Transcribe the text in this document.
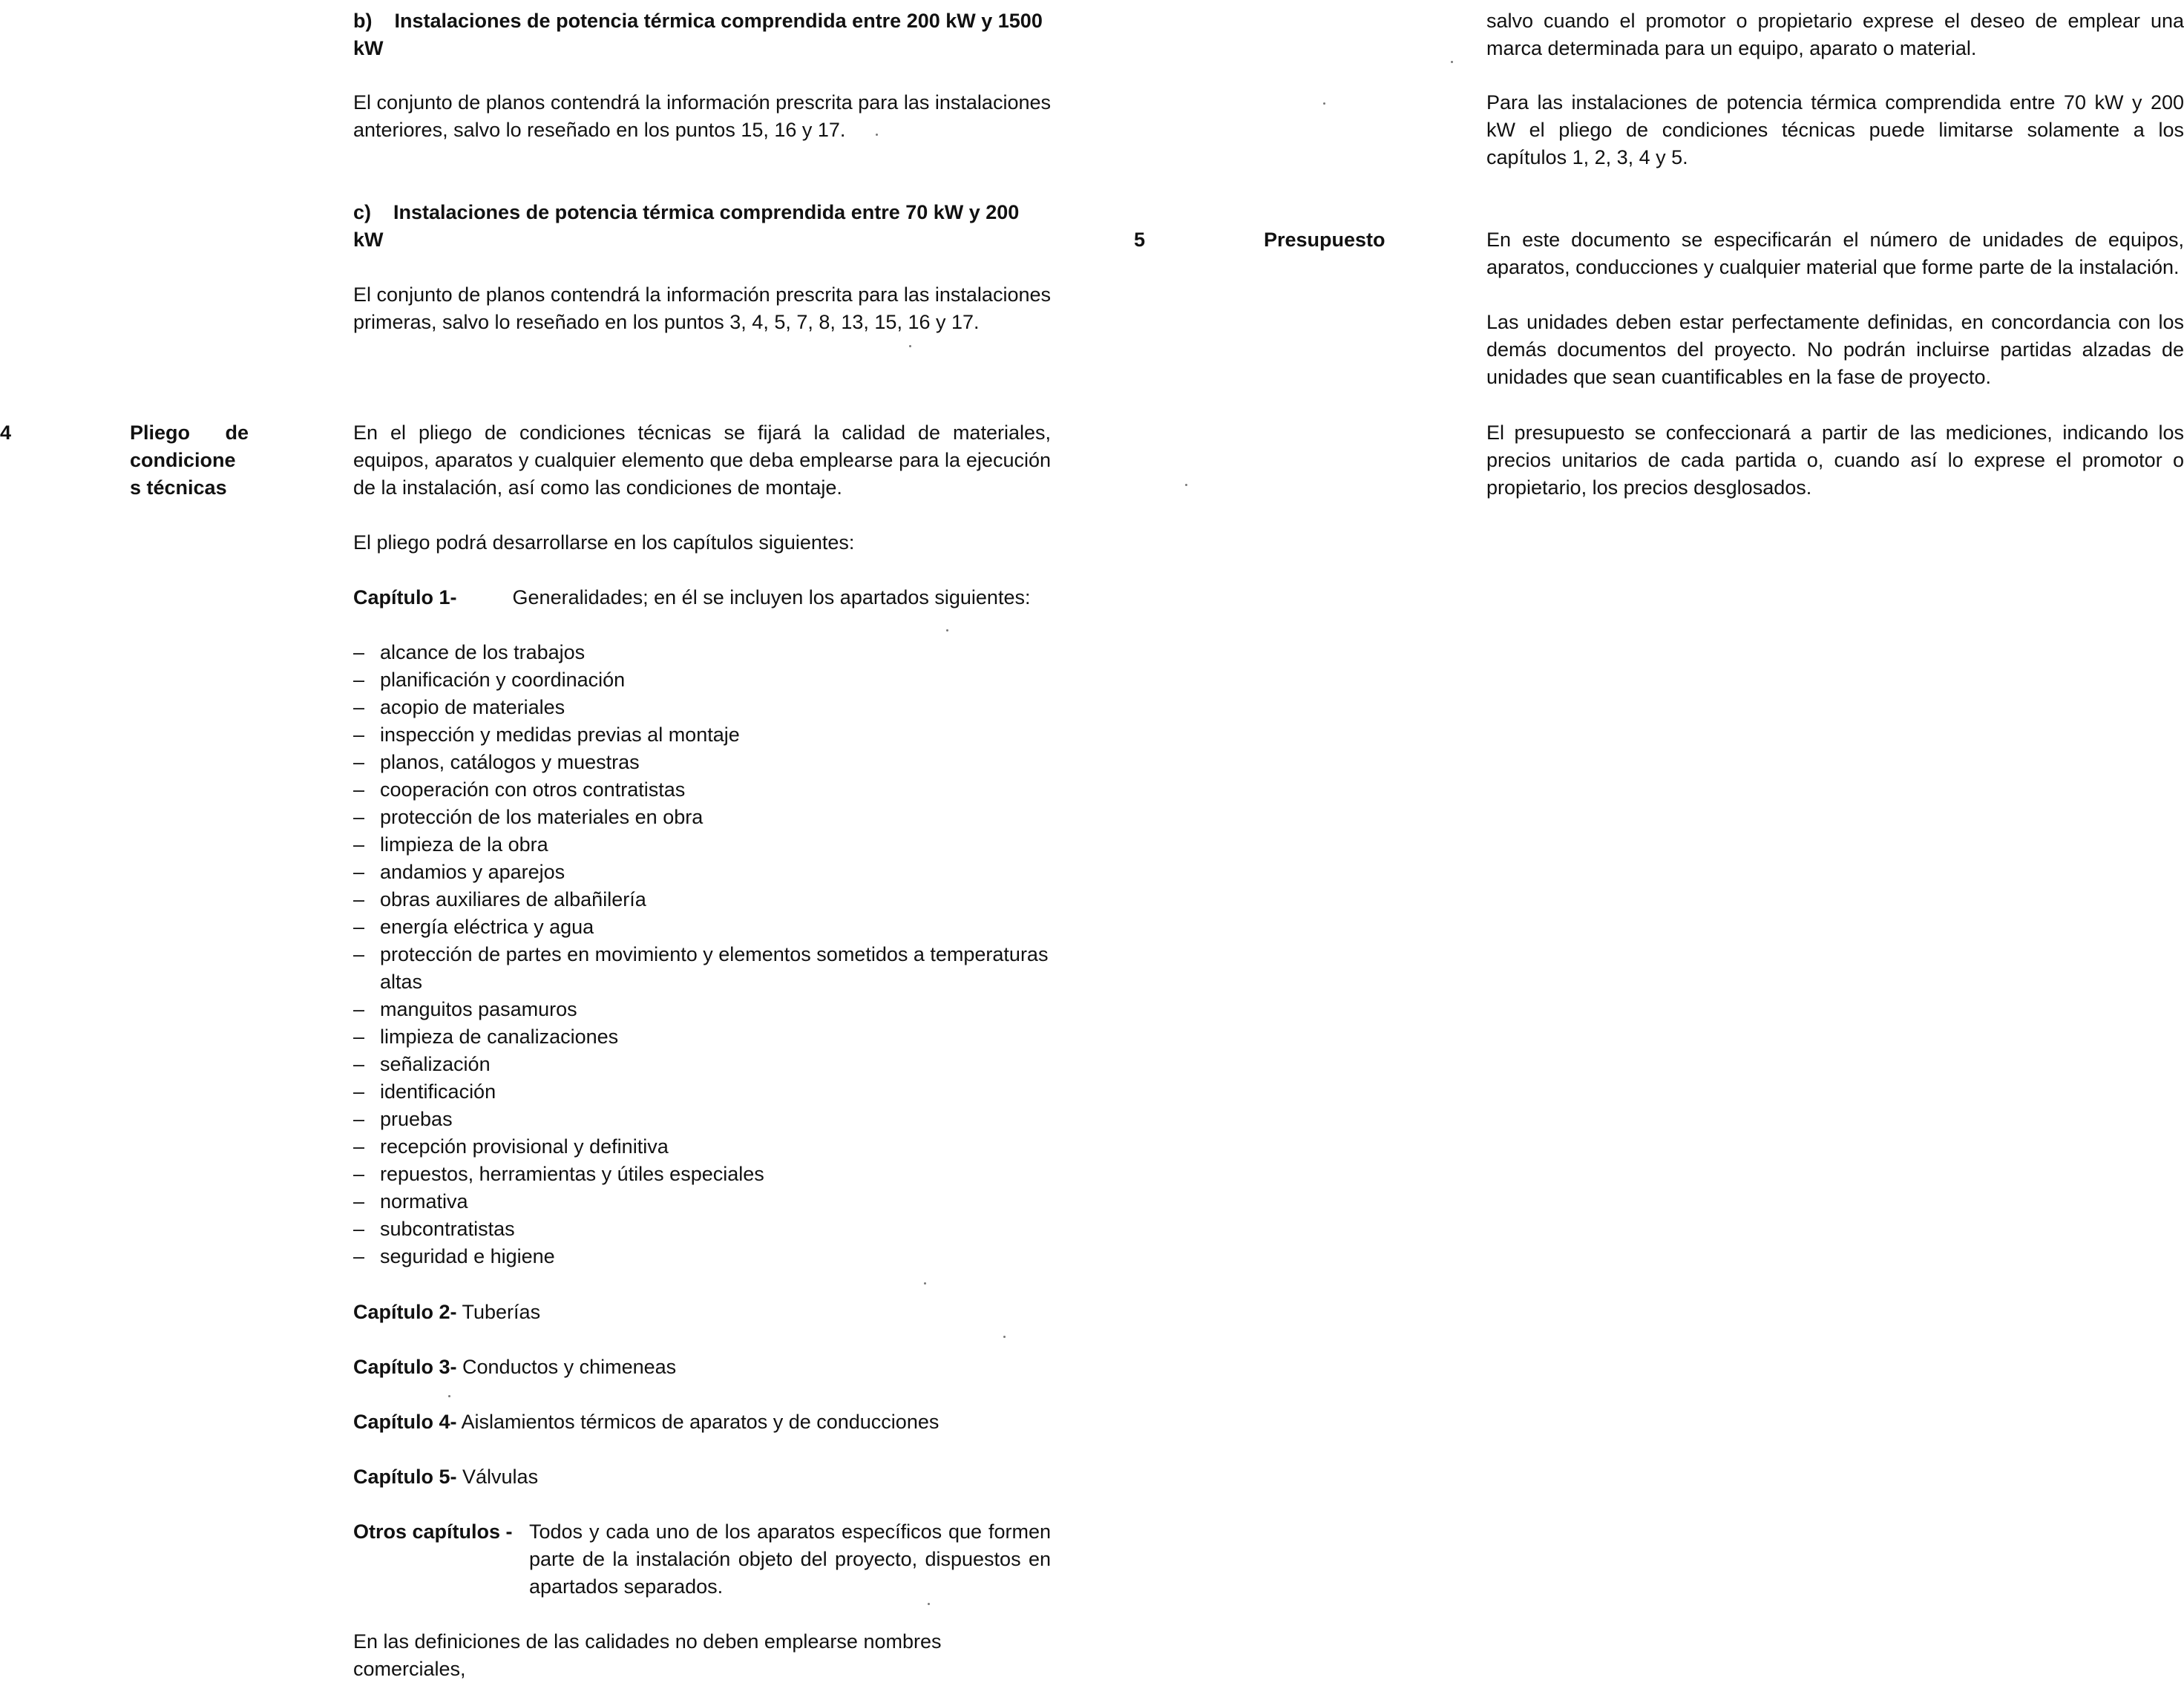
b)    Instalaciones de potencia térmica comprendida entre 200 kW y 1500 kW

El conjunto de planos contendrá la información prescrita para las instalaciones anteriores, salvo lo reseñado en los puntos 15, 16 y 17.

c)    Instalaciones de potencia térmica comprendida entre 70 kW y 200 kW

El conjunto de planos contendrá la información prescrita para las instalaciones primeras, salvo lo reseñado en los puntos 3, 4, 5, 7, 8, 13, 15, 16 y 17.

4	Pliego de
condicione
s técnicas

En el pliego de condiciones técnicas se fijará la calidad de materiales, equipos, aparatos y cualquier elemento que deba emplearse para la ejecución de la instalación, así como las condiciones de montaje.

El pliego podrá desarrollarse en los capítulos siguientes:

Capítulo 1-	Generalidades; en él se incluyen los apartados siguientes:
– alcance de los trabajos
– planificación y coordinación
– acopio de materiales
– inspección y medidas previas al montaje
– planos, catálogos y muestras
– cooperación con otros contratistas
– protección de los materiales en obra
– limpieza de la obra
– andamios y aparejos
– obras auxiliares de albañilería
– energía eléctrica y agua
– protección de partes en movimiento y elementos sometidos a temperaturas altas
– manguitos pasamuros
– limpieza de canalizaciones
– señalización
– identificación
– pruebas
– recepción provisional y definitiva
– repuestos, herramientas y útiles especiales
– normativa
– subcontratistas
– seguridad e higiene
Capítulo 2- Tuberías
Capítulo 3- Conductos y chimeneas
Capítulo 4- Aislamientos térmicos de aparatos y de conducciones
Capítulo 5- Válvulas
Otros capítulos - Todos y cada uno de los aparatos específicos que formen parte de la instalación objeto del proyecto, dispuestos en apartados separados.

En las definiciones de las calidades no deben emplearse nombres comerciales,

salvo cuando el promotor o propietario exprese el deseo de emplear una marca determinada para un equipo, aparato o material.

Para las instalaciones de potencia térmica comprendida entre 70 kW y 200 kW el pliego de condiciones técnicas puede limitarse solamente a los capítulos 1, 2, 3, 4 y 5.

5	Presupuesto	En este documento se especificarán el número de unidades de equipos, aparatos, conducciones y cualquier material que forme parte de la instalación.

Las unidades deben estar perfectamente definidas, en concordancia con los demás documentos del proyecto. No podrán incluirse partidas alzadas de unidades que sean cuantificables en la fase de proyecto.

El presupuesto se confeccionará a partir de las mediciones, indicando los precios unitarios de cada partida o, cuando así lo exprese el promotor o propietario, los precios desglosados.
